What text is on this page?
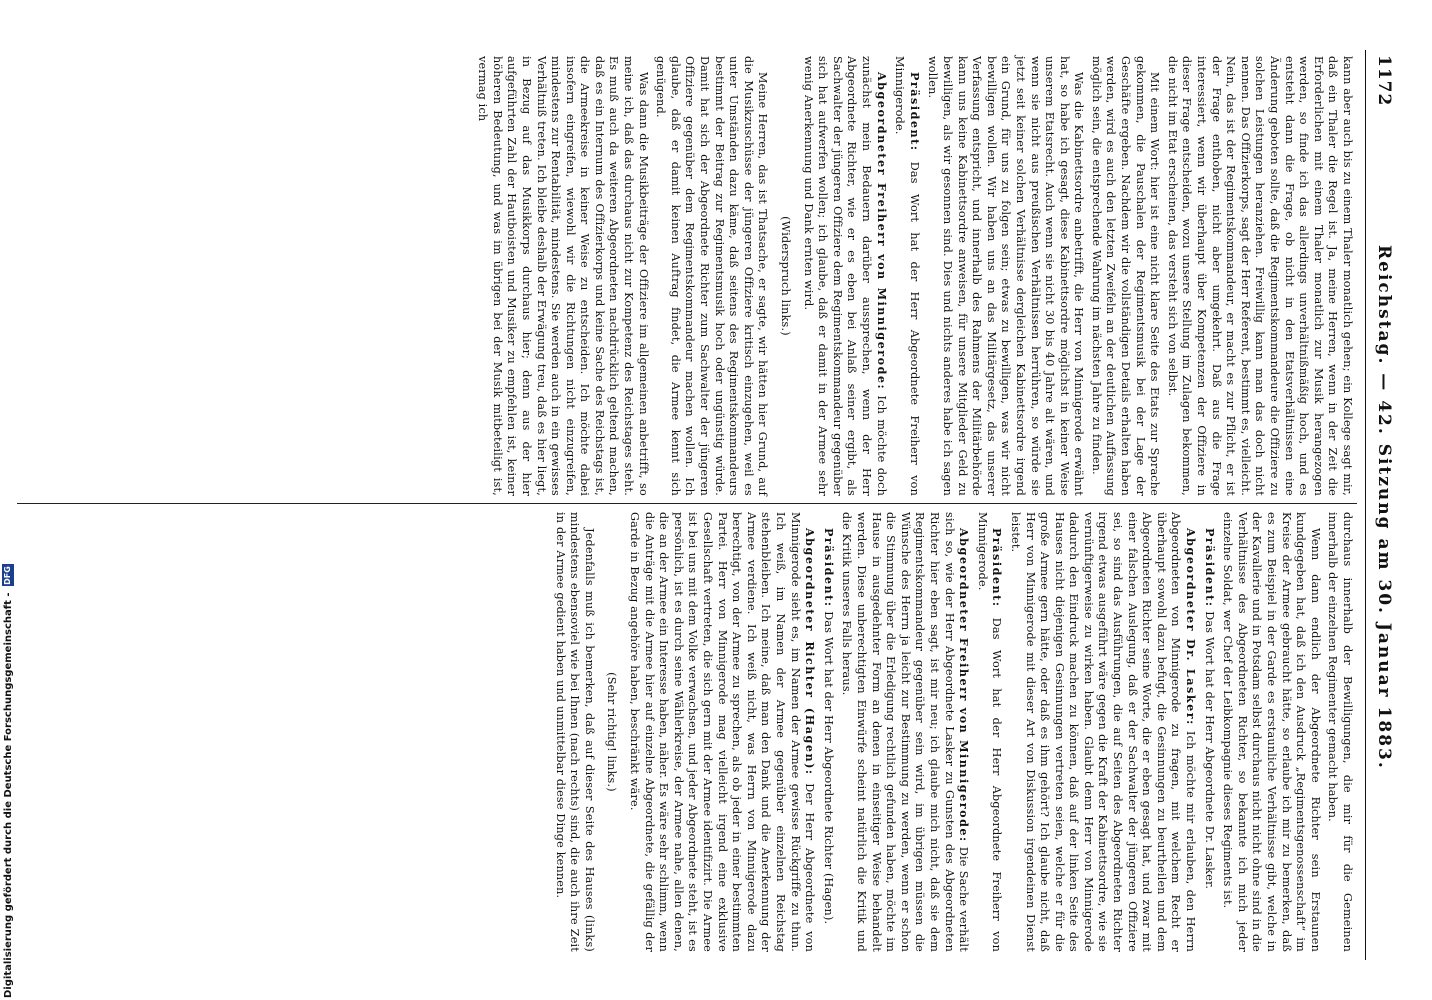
1172
Reichstag. — 42. Sitzung am 30. Januar 1883.

kann aber auch bis zu einem Thaler monatlich gehen; ein Kollege sagt mir, daß ein Thaler die Regel ist. Ja, meine Herren, wenn in der Zeit die Erforderlichen mit einem Thaler monatlich zur Musik herangezogen werden, so finde ich das allerdings unverhältnißmäßig hoch, und es entsteht dann die Frage, ob nicht in den Etatsverhältnissen eine Änderung geboten sollte, daß die Regimentskommandeure die Offiziere zu solchen Leistungen heranziehen. Freiwillig kann man das doch nicht nennen. Das Offizierkorps, sagt der Herr Referent, bestimmt es, vielleicht. Nein, das ist der Regimentskommandeur, er macht es zur Pflicht, er ist der Frage enthoben, nicht aber umgekehrt. Daß aus die Frage interessiert, wenn wir überhaupt über Kompetenzen der Offiziere in dieser Frage entscheiden, wozu unsere Stellung im Zulagen bekommen, die nicht im Etat erscheinen, das versteht sich von selbst.

Mit einem Wort: hier ist eine nicht klare Seite des Etats zur Sprache gekommen, die Pauschalen der Regimentsmusik bei der Lage der Geschäfte ergeben. Nachdem wir die vollständigen Details erhalten haben werden, wird es auch den letzten Zweifeln an der deutlichen Auffassung möglich sein, die entsprechende Wahrung im nächsten Jahre zu finden.

Was die Kabinettsordre anbetrifft, die Herr von Minnigerode erwähnt hat, so habe ich gesagt, diese Kabinettsordre möglichst in keiner Weise unserem Etatsrecht. Auch wenn sie nicht 30 bis 40 Jahre alt wären, und wenn sie nicht aus preußischen Verhältnissen herrühren, so würde sie jetzt seit keiner solchen Verhältnisse dergleichen Kabinettsordre irgend ein Grund, für uns zu folgen sein; etwas zu bewilligen, was wir nicht bewilligen wollen. Wir haben uns an das Militärgesetz, das unserer Verfassung entspricht, und innerhalb des Rahmens der Militärbehörde kann uns keine Kabinettsordre anweisen, für unsere Mitglieder Geld zu bewilligen, als wir gesonnen sind. Dies und nichts anderes habe ich sagen wollen.

Präsident: Das Wort hat der Herr Abgeordnete Freiherr von Minnigerode.

Abgeordneter Freiherr von Minnigerode: Ich möchte doch zunächst mein Bedauern darüber aussprechen, wenn der Herr Abgeordnete Richter, wie er es eben bei Anlaß seiner ergibt, als Sachwalter der jüngeren Offiziere dem Regimentskommandeur gegenüber sich hat aufwerfen wollen; ich glaube, daß er damit in der Armee sehr wenig Anerkennung und Dank ernten wird.

(Widerspruch links.)

Meine Herren, das ist Thatsache, er sagte, wir hätten hier Grund, auf die Musikzuschüsse der jüngeren Offiziere kritisch einzugehen, weil es unter Umständen dazu käme, daß seitens des Regimentskommandeurs bestimmt der Beitrag zur Regimentsmusik hoch oder ungünstig würde. Damit hat sich der Abgeordnete Richter zum Sachwalter der jüngeren Offiziere gegenüber dem Regimentskommandeur machen wollen. Ich glaube, daß er damit keinen Auftrag findet, die Armee kennt sich genügend.

Was dann die Musikbeiträge der Offiziere im allgemeinen anbetrifft, so meine ich, daß das durchaus nicht zur Kompetenz des Reichstages steht. Es muß auch da weiteren Abgeordneten nachdrücklich geltend machen, daß es ein Internum des Offizierkorps und keine Sache des Reichstags ist, die Armeekreise in keiner Weise zu entscheiden. Ich möchte dabei insofern eingreifen, wiewohl wir die Richtungen nicht einzugreifen, mindestens zur Rentabilität, mindestens. Sie werden auch in ein gewisses Verhältniß treten. Ich bleibe deshalb der Erwägung treu, daß es hier liegt, in Bezug auf das Musikkorps durchaus hier; denn aus der hier aufgeführten Zahl der Hautboisten und Musiker zu empfehlen ist, keiner höheren Bedeutung, und was im übrigen bei der Musik mitbeteiligt ist, vermag ich

durchaus innerhalb der Bewilligungen, die mir für die Gemeinen innerhalb der einzelnen Regimenter gemacht haben.

Wenn dann endlich der Abgeordnete Richter sein Erstaunen kundgegeben hat, daß ich den Ausdruck „Regimentsgenossenschaft“ im Kreise der Armee gebraucht hätte, so erlaube ich mir zu bemerken, daß es zum Beispiel in der Garde es erstaunliche Verhältnisse gibt, welche in der Kavallerie und in Potsdam selbst durchaus nicht nicht ohne sind in die Verhältnisse des Abgeordneten Richter, so bekannte ich mich jeder einzelne Soldat, wer Chef der Leibkompagnie dieses Regiments ist.

Präsident: Das Wort hat der Herr Abgeordnete Dr. Lasker.

Abgeordneter Dr. Lasker: Ich möchte mir erlauben, den Herrn Abgeordneten von Minnigerode zu fragen, mit welchem Recht er überhaupt sowohl dazu befugt, die Gesinnungen zu beurtheilen und dem Abgeordneten Richter seine Worte, die er eben gesagt hat, und zwar mit einer falschen Auslegung, daß er der Sachwalter der jüngeren Offiziere sei, so sind das Ausführungen, die auf Seiten des Abgeordneten Richter irgend etwas ausgeführt wäre gegen die Kraft der Kabinettsordre, wie sie vernünftigerweise zu wirken haben. Glaubt denn Herr von Minnigerode dadurch den Eindruck machen zu können, daß auf der linken Seite des Hauses nicht diejenigen Gesinnungen vertreten seien, welche er für die große Armee gern hätte, oder daß es ihm gehört? Ich glaube nicht, daß Herr von Minnigerode mit dieser Art von Diskussion irgendeinen Dienst leistet.

Präsident: Das Wort hat der Herr Abgeordnete Freiherr von Minnigerode.

Abgeordneter Freiherr von Minnigerode: Die Sache verhält sich so, wie der Herr Abgeordnete Lasker zu Gunsten des Abgeordneten Richter hier eben sagt, ist mir neu; ich glaube mich nicht, daß sie dem Regimentskommandeur gegenüber sein wird, im übrigen müssen die Wünsche des Herrn ja leicht zur Bestimmung zu werden, wenn er schon die Stimmung über die Erledigung rechtlich gefunden haben, möchte im Hause in ausgedehnter Form an denen in einseitiger Weise behandelt werden. Diese unberechtigten Einwürfe scheint natürlich die Kritik und die Kritik unseres Falls heraus.

Präsident: Das Wort hat der Herr Abgeordnete Richter (Hagen).

Abgeordneter Richter (Hagen): Der Herr Abgeordnete von Minnigerode sieht es, im Namen der Armee gewisse Rückgriffe zu thun. Ich weiß, im Namen der Armee gegenüber einzelnen Reichstag stehenbleiben. Ich meine, daß man den Dank und die Anerkennung der Armee verdiene. Ich weiß nicht, was Herrn von Minnigerode dazu berechtigt, von der Armee zu sprechen, als ob jeder in einer bestimmten Partei. Herr von Minnigerode mag vielleicht irgend eine exklusive Gesellschaft vertreten, die sich gern mit der Armee identifizirt. Die Armee ist bei uns mit dem Volke verwachsen, und jeder Abgeordnete steht, ist es persönlich, ist es durch seine Wählerkreise, der Armee nahe, allen denen, die an der Armee ein Interesse haben, näher. Es wäre sehr schlimm, wenn die Anträge mit die Armee hier auf einzelne Abgeordnete, die gefällig der Garde in Bezug angehöre haben, beschränkt wäre.

(Sehr richtig! links.)

Jedenfalls muß ich bemerken, daß auf dieser Seite des Hauses (links) mindestens ebensoviel wie bei Ihnen (nach rechts) sind, die auch ihre Zeit in der Armee gedient haben und unmittelbar diese Dinge kennen.

Digitalisierung gefördert durch die Deutsche Forschungsgemeinschaft -
DFG
